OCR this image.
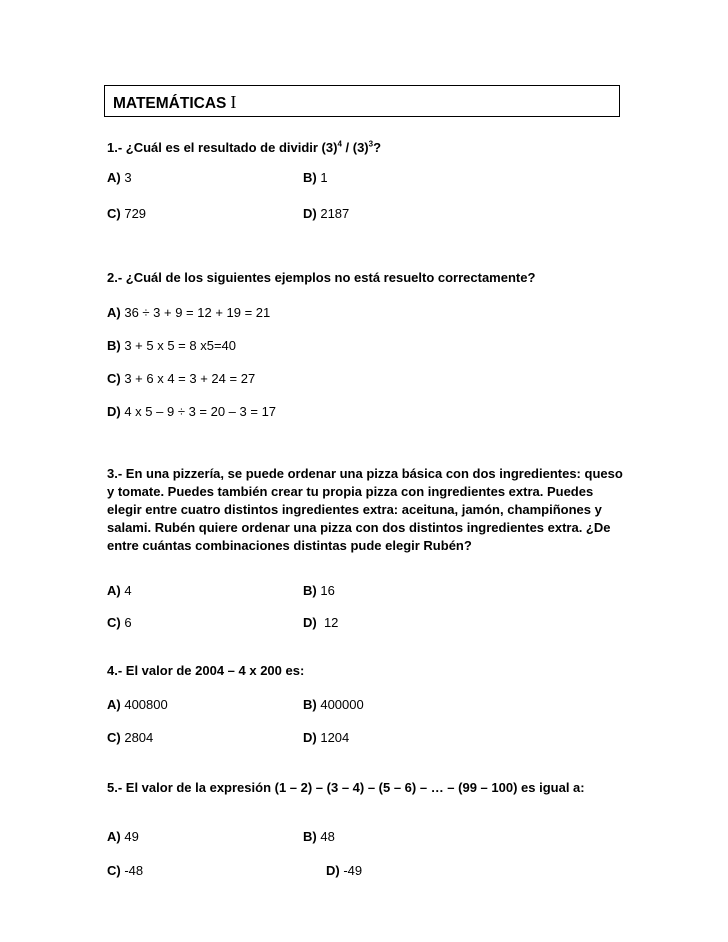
MATEMÁTICAS I
1.- ¿Cuál es el resultado de dividir $(3)^4 / (3)^3$?
A) 3	B) 1
C) 729	D) 2187
2.- ¿Cuál de los siguientes ejemplos no está resuelto correctamente?
A) 36 ÷ 3 + 9 = 12 + 19 = 21
B) 3 + 5 x 5 = 8 x5=40
C) 3 + 6 x 4 = 3 + 24 = 27
D) 4 x 5 – 9 ÷ 3 = 20 – 3 = 17
3.- En una pizzería, se puede ordenar una pizza básica con dos ingredientes: queso y tomate. Puedes también crear tu propia pizza con ingredientes extra. Puedes elegir entre cuatro distintos ingredientes extra: aceituna, jamón, champiñones y salami. Rubén quiere ordenar una pizza con dos distintos ingredientes extra. ¿De entre cuántas combinaciones distintas pude elegir Rubén?
A) 4	B) 16
C) 6	D)  12
4.- El valor de 2004 – 4 x 200 es:
A) 400800	B) 400000
C) 2804	D) 1204
5.- El valor de la expresión (1 – 2) – (3 – 4) – (5 – 6) – … – (99 – 100) es igual a:
A) 49	B) 48
C) -48	D) -49
